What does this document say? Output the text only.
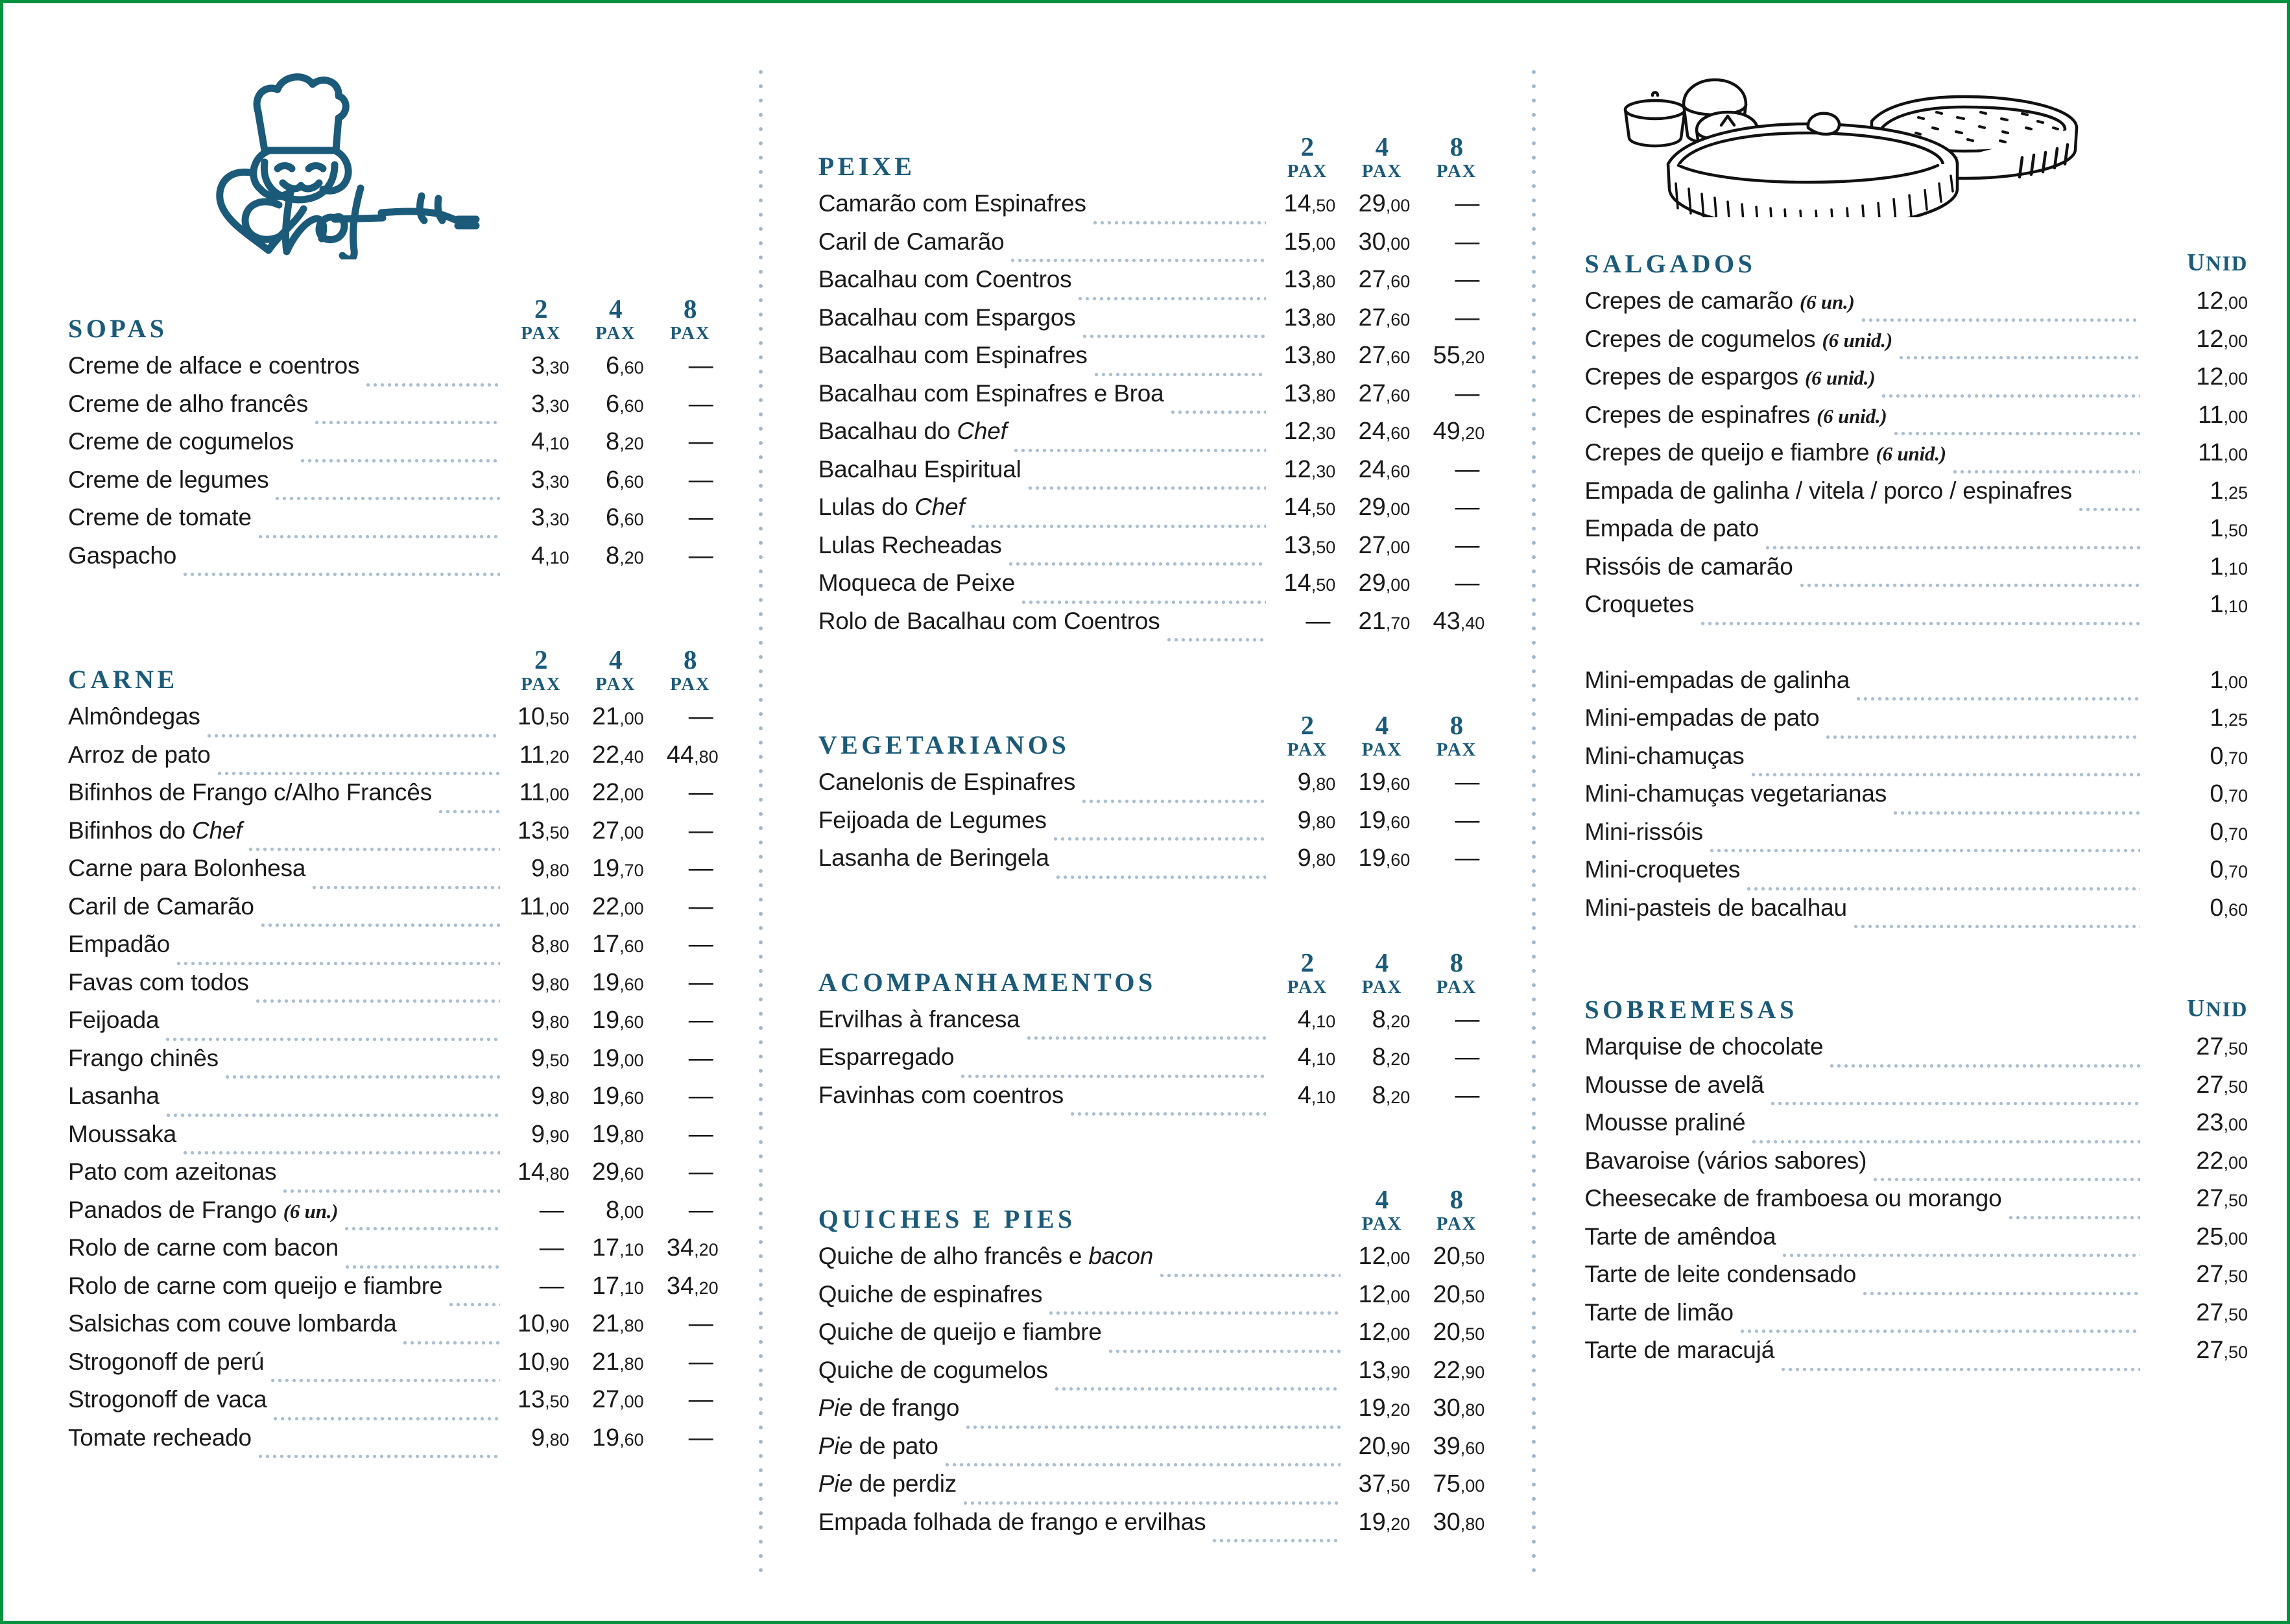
SOPAS
2
PAX
4
PAX
8
PAX
Creme de alface e coentros	3,30	6,60	—
Creme de alho francês	3,30	6,60	—
Creme de cogumelos	4,10	8,20	—
Creme de legumes	3,30	6,60	—
Creme de tomate	3,30	6,60	—
Gaspacho	4,10	8,20	—
CARNE
2
PAX
4
PAX
8
PAX
Almôndegas	10,50 21,00	—
Arroz de pato	11,20 22,40 44,80
Bifinhos de Frango c/Alho Francês	11,00 22,00	—
Bifinhos do Chef	13,50 27,00	—
Carne para Bolonhesa	9,80 19,70	—
Caril de Camarão	11,00 22,00	—
Empadão	8,80 17,60	—
Favas com todos	9,80 19,60	—
Feijoada	9,80 19,60	—
Frango chinês	9,50 19,00	—
Lasanha	9,80 19,60	—
Moussaka	9,90 19,80	—
Pato com azeitonas	14,80 29,60	—
Panados de Frango (6 un.)	—	8,00	—
Rolo de carne com bacon	—	17,10 34,20
Rolo de carne com queijo e fiambre	—	17,10 34,20
Salsichas com couve lombarda	10,90 21,80	—
Strogonoff de perú	10,90 21,80	—
Strogonoff de vaca	13,50 27,00	—
Tomate recheado	9,80 19,60	—
PEIXE
2
PAX
4
PAX
8
PAX
Camarão com Espinafres	14,50 29,00	—
Caril de Camarão	15,00 30,00	—
Bacalhau com Coentros	13,80 27,60	—
Bacalhau com Espargos	13,80 27,60	—
Bacalhau com Espinafres	13,80 27,60 55,20
Bacalhau com Espinafres e Broa	13,80 27,60	—
Bacalhau do Chef	12,30 24,60 49,20
Bacalhau Espiritual	12,30 24,60	—
Lulas do Chef	14,50 29,00	—
Lulas Recheadas	13,50 27,00	—
Moqueca de Peixe	14,50 29,00	—
Rolo de Bacalhau com Coentros	—	21,70 43,40
VEGETARIANOS
2
PAX
4
PAX
8
PAX
Canelonis de Espinafres	9,80 19,60	—
Feijoada de Legumes	9,80 19,60	—
Lasanha de Beringela	9,80 19,60	—
ACOMPANHAMENTOS
2
PAX
4
PAX
8
PAX
Ervilhas à francesa	4,10	8,20	—
Esparregado	4,10	8,20	—
Favinhas com coentros	4,10	8,20	—
QUICHES E PIES
4
PAX
8
PAX
Quiche de alho francês e bacon	12,00 20,50
Quiche de espinafres	12,00 20,50
Quiche de queijo e fiambre	12,00 20,50
Quiche de cogumelos	13,90 22,90
Pie de frango	19,20 30,80
Pie de pato	20,90 39,60
Pie de perdiz	37,50 75,00
Empada folhada de frango e ervilhas	19,20 30,80
SALGADOS	UNID
Crepes de camarão (6 un.)	12,00
Crepes de cogumelos (6 unid.)	12,00
Crepes de espargos (6 unid.)	12,00
Crepes de espinafres (6 unid.)	11,00
Crepes de queijo e fiambre (6 unid.)	11,00
Empada de galinha / vitela / porco / espinafres	1,25
Empada de pato	1,50
Rissóis de camarão	1,10
Croquetes	1,10
Mini-empadas de galinha	1,00
Mini-empadas de pato	1,25
Mini-chamuças	0,70
Mini-chamuças vegetarianas	0,70
Mini-rissóis	0,70
Mini-croquetes	0,70
Mini-pasteis de bacalhau	0,60
SOBREMESAS	UNID
Marquise de chocolate	27,50
Mousse de avelã	27,50
Mousse praliné	23,00
Bavaroise (vários sabores)	22,00
Cheesecake de framboesa ou morango	27,50
Tarte de amêndoa	25,00
Tarte de leite condensado	27,50
Tarte de limão	27,50
Tarte de maracujá	27,50
